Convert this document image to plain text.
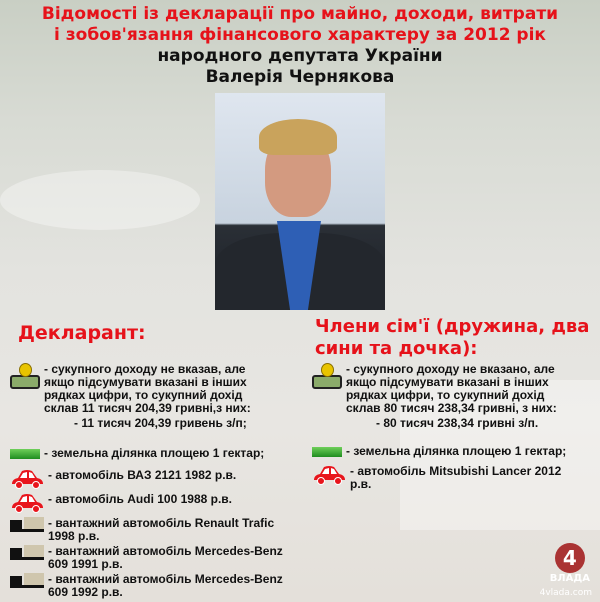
Відомості із декларації про майно, доходи, витрати
і зобов'язання фінансового характеру за 2012 рік
народного депутата України
Валерія Чернякова
Декларант:	Члени сім'ї (дружина, два
сини та дочка):
- сукупного доходу не вказав, але
якщо підсумувати вказані в інших
рядках цифри, то сукупний дохід
склав 11 тисяч 204,39 гривні,з них:
- 11 тисяч 204,39 гривень з/п;
- земельна ділянка площею 1 гектар;
- автомобіль ВАЗ 2121 1982 р.в.
- автомобіль Audi 100 1988 р.в.
- вантажний автомобіль Renault Trafic
1998 р.в.
- вантажний автомобіль Mercedes-Benz
609 1991 р.в.
- вантажний автомобіль Mercedes-Benz
609 1992 р.в.
- сукупного доходу не вказано, але
якщо підсумувати вказані в інших
рядках цифри, то сукупний дохід
склав 80 тисяч 238,34 гривні, з них:
- 80 тисяч 238,34 гривні з/п.
- земельна ділянка площею 1 гектар;
- автомобіль Mitsubishi Lancer 2012
р.в.
4
ВЛАДА
4vlada.com
